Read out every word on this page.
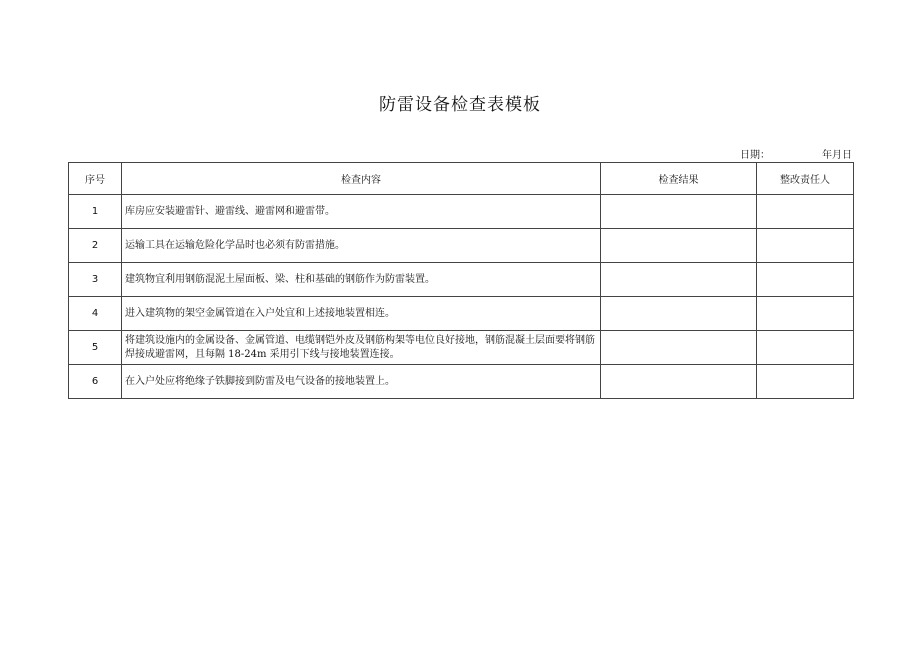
防雷设备检查表模板
日期：	年月日
序号	检查内容	检查结果	整改责任人
1	库房应安装避雷针、避雷线、避雷网和避雷带。		
2	运输工具在运输危险化学品时也必须有防雷措施。		
3	建筑物宜利用钢筋混泥土屋面板、梁、柱和基础的钢筋作为防雷装置。		
4	进入建筑物的架空金属管道在入户处宜和上述接地装置相连。		
5	将建筑设施内的金属设备、金属管道、电缆钢铠外皮及钢筋构架等电位良好接地，钢筋混凝土层面要将钢筋焊接成避雷网，且每隔 18-24m 采用引下线与接地装置连接。		
6	在入户处应将绝缘子铁脚接到防雷及电气设备的接地装置上。		
